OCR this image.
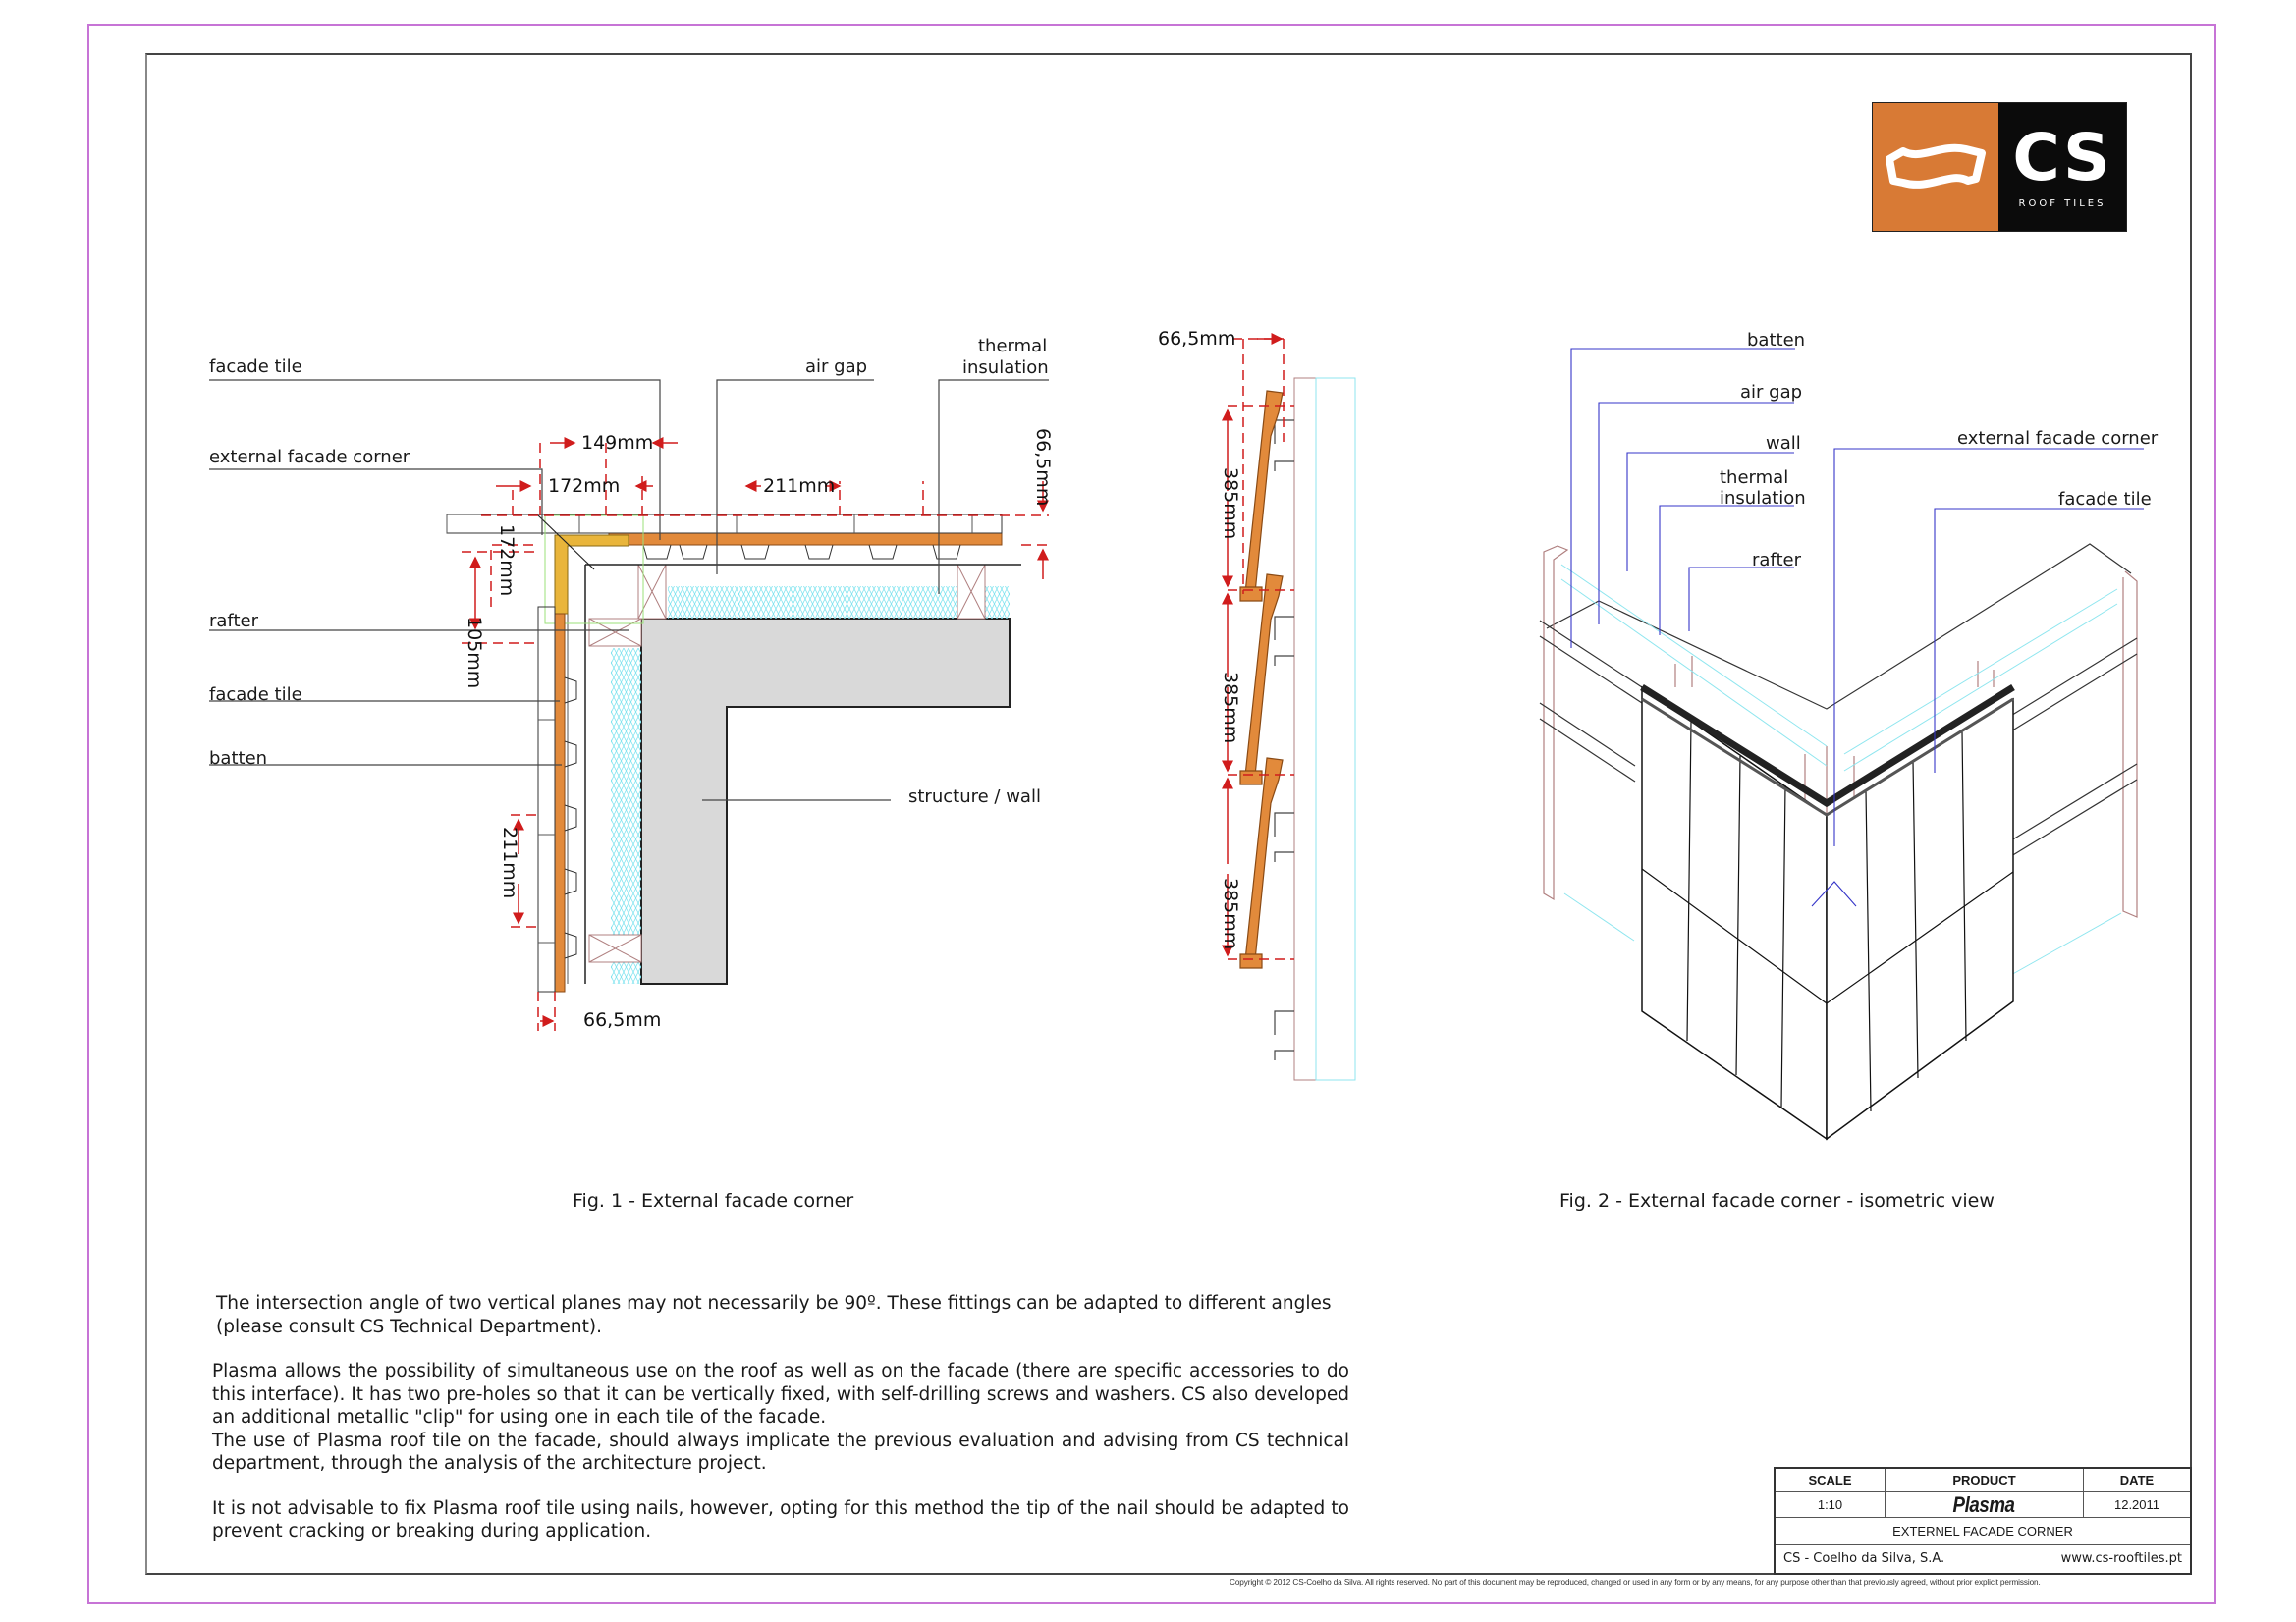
CS
ROOF TILES
facade tile
external facade corner
air gap
thermal
insulation
rafter
facade tile
batten
structure / wall
149mm
172mm	211mm	66,5mm
172mm
105mm
211mm
66,5mm
66,5mm
385mm
385mm
385mm
batten
air gap
wall
thermal
insulation
rafter
external facade corner
facade tile
Fig. 1 - External facade corner	Fig. 2 - External facade corner - isometric view

The intersection angle of two vertical planes may not necessarily be 90º. These fittings can be adapted to different angles (please consult CS Technical Department).

Plasma allows the possibility of simultaneous use on the roof as well as on the facade (there are specific accessories to do this interface). It has two pre-holes so that it can be vertically fixed, with self-drilling screws and washers. CS also developed an additional metallic "clip" for using one in each tile of the facade.

The use of Plasma roof tile on the facade, should always implicate the previous evaluation and advising from CS technical department, through the analysis of the architecture project.

It is not advisable to fix Plasma roof tile using nails, however, opting for this method the tip of the nail should be adapted to prevent cracking or breaking during application.

SCALE	PRODUCT	DATE
1:10	Plasma	12.2011
EXTERNEL FACADE CORNER
CS - Coelho da Silva, S.A.	www.cs-rooftiles.pt
Copyright © 2012 CS-Coelho da Silva. All rights reserved. No part of this document may be reproduced, changed or used in any form or by any means, for any purpose other than that previously agreed, without prior explicit permission.
